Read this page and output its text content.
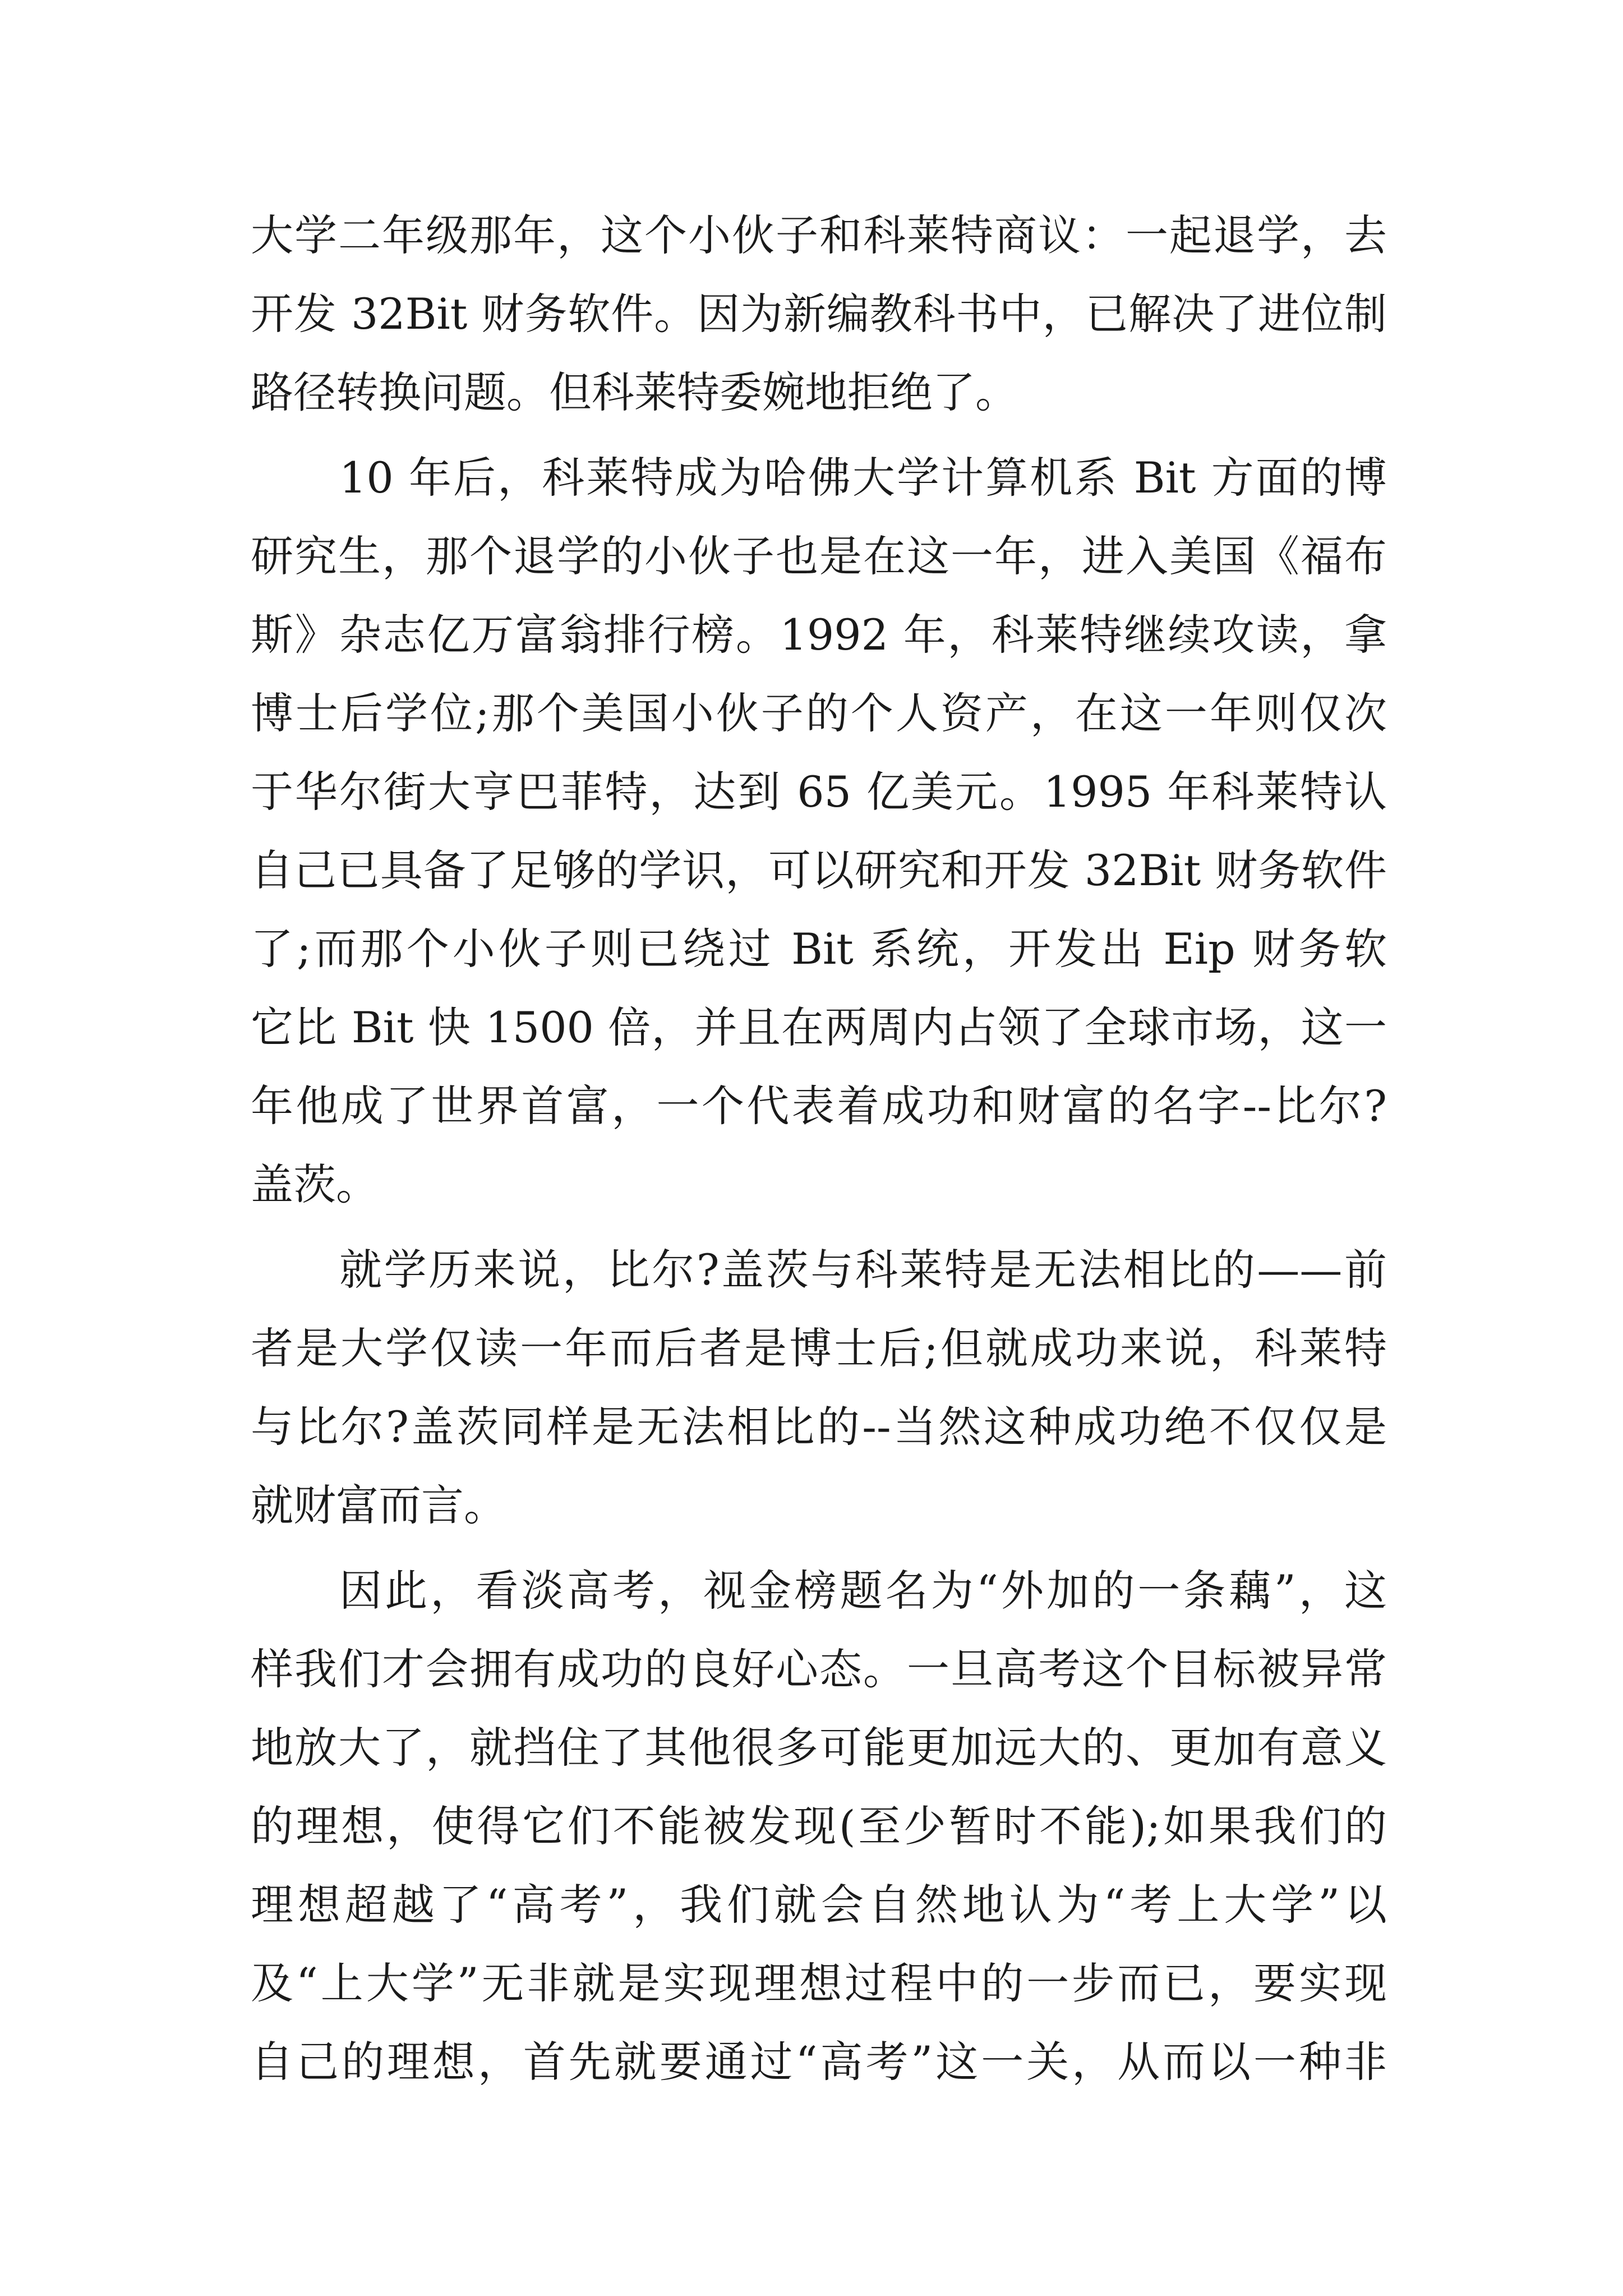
大学二年级那年，这个小伙子和科莱特商议：一起退学，去
开发 32Bit 财务软件。因为新编教科书中，已解决了进位制
路径转换问题。但科莱特委婉地拒绝了。
10 年后，科莱特成为哈佛大学计算机系 Bit 方面的博
研究生，那个退学的小伙子也是在这一年，进入美国《福布
斯》杂志亿万富翁排行榜。1992 年，科莱特继续攻读，拿
博士后学位;那个美国小伙子的个人资产，在这一年则仅次
于华尔街大亨巴菲特，达到 65 亿美元。1995 年科莱特认
自己已具备了足够的学识，可以研究和开发 32Bit 财务软件
了;而那个小伙子则已绕过 Bit 系统，开发出 Eip 财务软
它比 Bit 快 1500 倍，并且在两周内占领了全球市场，这一
年他成了世界首富，一个代表着成功和财富的名字--比尔?
盖茨。
就学历来说，比尔?盖茨与科莱特是无法相比的——前
者是大学仅读一年而后者是博士后;但就成功来说，科莱特
与比尔?盖茨同样是无法相比的--当然这种成功绝不仅仅是
就财富而言。
因此，看淡高考，视金榜题名为“外加的一条藕”，这
样我们才会拥有成功的良好心态。一旦高考这个目标被异常
地放大了，就挡住了其他很多可能更加远大的、更加有意义
的理想，使得它们不能被发现(至少暂时不能);如果我们的
理想超越了“高考”，我们就会自然地认为“考上大学”以
及“上大学”无非就是实现理想过程中的一步而已，要实现
自己的理想，首先就要通过“高考”这一关，从而以一种非
